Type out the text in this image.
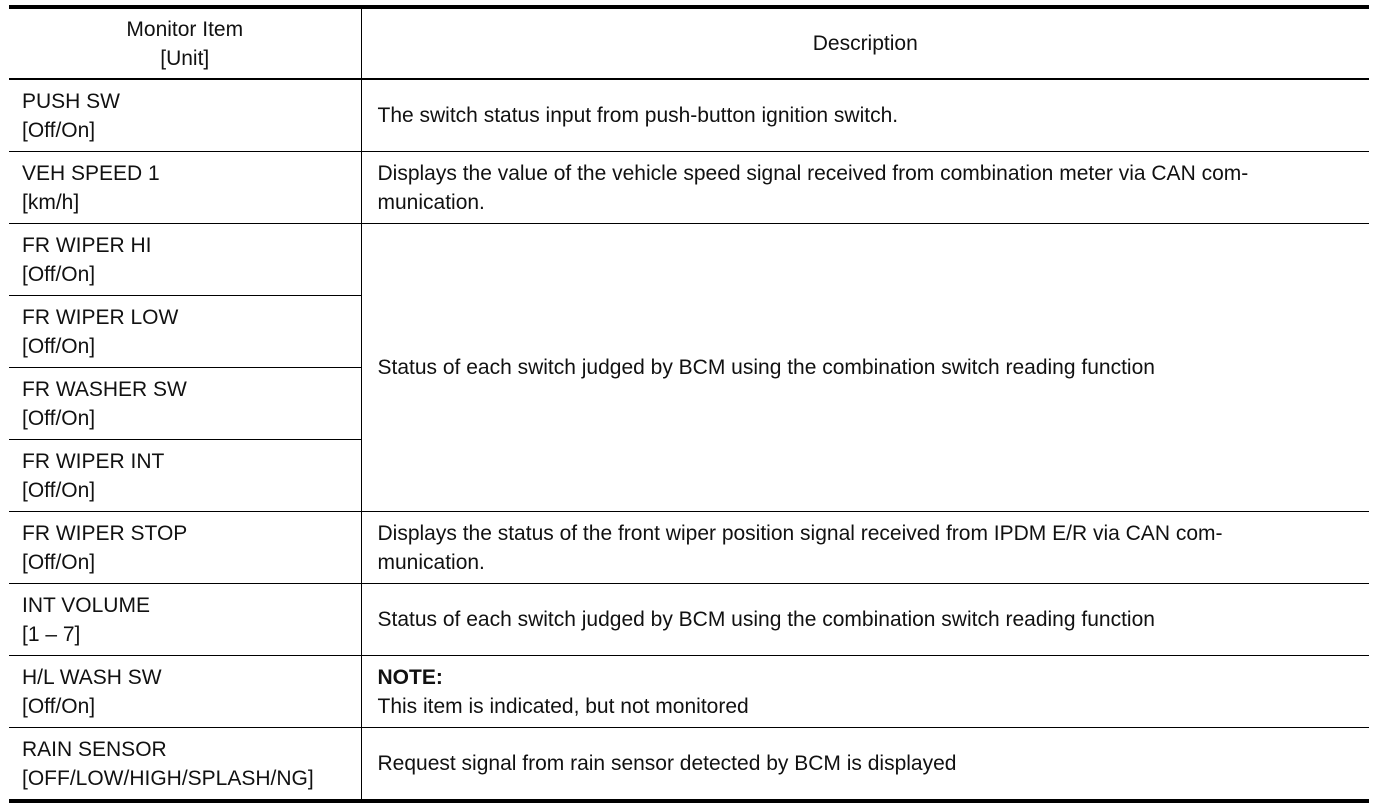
Monitor Item
[Unit]	Description

PUSH SW
[Off/On]	The switch status input from push-button ignition switch.

VEH SPEED 1
[km/h]	Displays the value of the vehicle speed signal received from combination meter via CAN com-
munication.

FR WIPER HI
[Off/On]	Status of each switch judged by BCM using the combination switch reading function

FR WIPER LOW
[Off/On]	

FR WASHER SW
[Off/On]	

FR WIPER INT
[Off/On]	

FR WIPER STOP
[Off/On]	Displays the status of the front wiper position signal received from IPDM E/R via CAN com-
munication.

INT VOLUME
[1 – 7]	Status of each switch judged by BCM using the combination switch reading function

H/L WASH SW
[Off/On]	NOTE:
This item is indicated, but not monitored

RAIN SENSOR
[OFF/LOW/HIGH/SPLASH/NG]	Request signal from rain sensor detected by BCM is displayed
